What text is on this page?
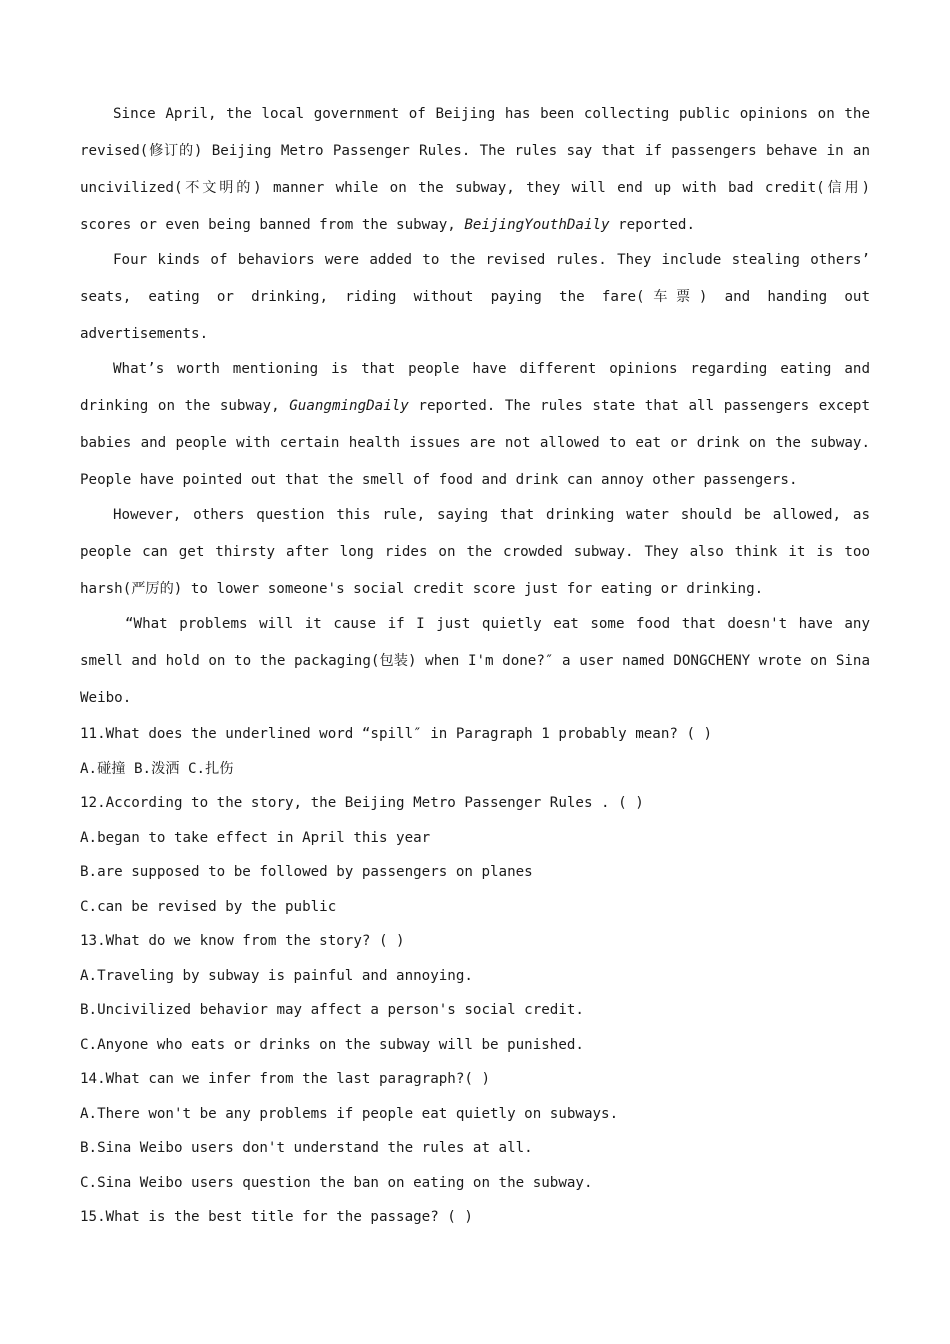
Since April, the local government of Beijing has been collecting public opinions on the revised(修订的) Beijing Metro Passenger Rules. The rules say that if passengers behave in an uncivilized(不文明的) manner while on the subway, they will end up with bad credit(信用) scores or even being banned from the subway, BeijingYouthDaily reported.

Four kinds of behaviors were added to the revised rules. They include stealing others’ seats, eating or drinking, riding without paying the fare(车票) and handing out advertisements.

What’s worth mentioning is that people have different opinions regarding eating and drinking on the subway, GuangmingDaily reported. The rules state that all passengers except babies and people with certain health issues are not allowed to eat or drink on the subway. People have pointed out that the smell of food and drink can annoy other passengers.

However, others question this rule, saying that drinking water should be allowed, as people can get thirsty after long rides on the crowded subway. They also think it is too harsh(严厉的) to lower someone's social credit score just for eating or drinking.

“What problems will it cause if I just quietly eat some food that doesn't have any smell and hold on to the packaging(包装) when I'm done?″ a user named DONGCHENY wrote on Sina Weibo.

11.What does the underlined word “spill″ in Paragraph 1 probably mean? ( )
A.碰撞 B.泼洒 C.扎伤
12.According to the story, the Beijing Metro Passenger Rules . ( )
A.began to take effect in April this year
B.are supposed to be followed by passengers on planes
C.can be revised by the public
13.What do we know from the story? ( )
A.Traveling by subway is painful and annoying.
B.Uncivilized behavior may affect a person's social credit.
C.Anyone who eats or drinks on the subway will be punished.
14.What can we infer from the last paragraph?( )
A.There won't be any problems if people eat quietly on subways.
B.Sina Weibo users don't understand the rules at all.
C.Sina Weibo users question the ban on eating on the subway.
15.What is the best title for the passage? ( )
